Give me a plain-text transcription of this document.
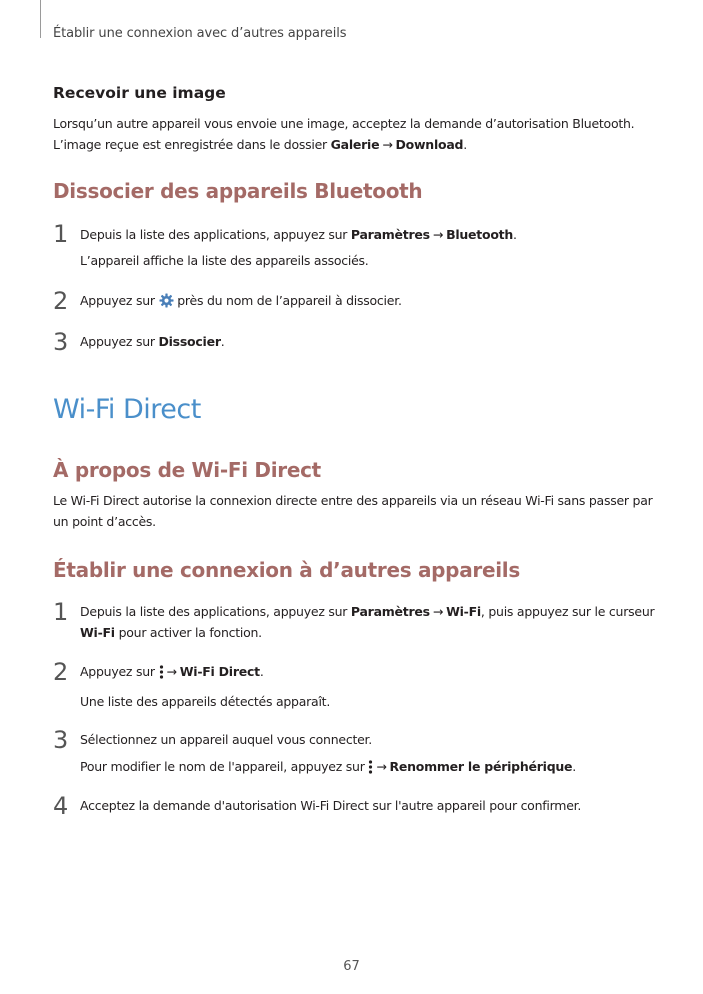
Établir une connexion avec d’autres appareils
Recevoir une image
Lorsqu’un autre appareil vous envoie une image, acceptez la demande d’autorisation Bluetooth.
L’image reçue est enregistrée dans le dossier Galerie → Download.
Dissocier des appareils Bluetooth
1 Depuis la liste des applications, appuyez sur Paramètres → Bluetooth.
L’appareil affiche la liste des appareils associés.
2 Appuyez sur  près du nom de l’appareil à dissocier.
3 Appuyez sur Dissocier.
Wi-Fi Direct
À propos de Wi-Fi Direct
Le Wi-Fi Direct autorise la connexion directe entre des appareils via un réseau Wi-Fi sans passer par
un point d’accès.
Établir une connexion à d’autres appareils
1 Depuis la liste des applications, appuyez sur Paramètres → Wi-Fi, puis appuyez sur le curseur
Wi-Fi pour activer la fonction.
2 Appuyez sur → Wi-Fi Direct.
Une liste des appareils détectés apparaît.
3 Sélectionnez un appareil auquel vous connecter.
Pour modifier le nom de l'appareil, appuyez sur → Renommer le périphérique.
4 Acceptez la demande d'autorisation Wi-Fi Direct sur l'autre appareil pour confirmer.
67
